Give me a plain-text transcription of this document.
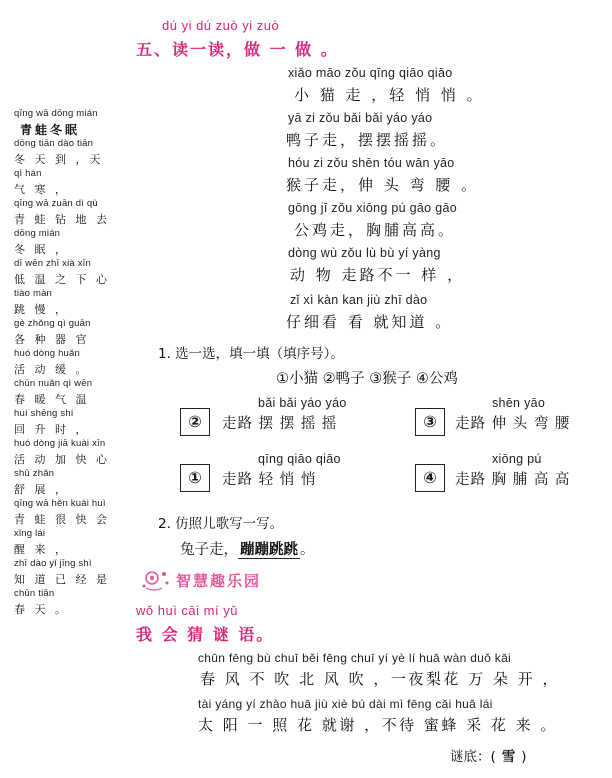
dú yi dú zuò yi zuò
五、读一读，做 一 做 。
xiǎo māo zǒu qīng qiāo qiāo
小 猫 走 ，轻 悄 悄 。
yā zi zǒu bǎi bǎi yáo yáo
鸭子走，摆摆摇摇。
hóu zi zǒu shēn tóu wān yāo
猴子走，伸 头 弯 腰 。
gōng jī zǒu xiōng pú gāo gāo
公鸡走，胸脯高高。
dòng wù zǒu lù bù yí yàng
动 物 走路不一 样 ，
zǐ xì kàn kan jiù zhī dào
仔细看 看 就知道 。
qīng wā dōng mián
青蛙冬眠
dōng tiān dào tiān
冬 天 到 ，天
qì hán
气 寒 ，
qīng wā zuān dì qù
青 蛙 钻 地 去
dōng mián
冬 眠 ，
dī wēn zhī xià xīn
低 温 之 下 心
tiào màn
跳 慢 ，
gè zhǒng qì guān
各 种 器 官
huó dòng huǎn
活 动 缓 。
chūn nuǎn qì wēn
春 暖 气 温
huí shēng shí
回 升 时 ，
huó dòng jiā kuài xīn
活 动 加 快 心
shū zhǎn
舒 展 ，
qīng wā hěn kuài huì
青 蛙 很 快 会
xǐng lái
醒 来 ，
zhī dào yǐ jīng shì
知 道 已 经 是
chūn tiān
春 天 。
1. 选一选，填一填（填序号）。
①小猫 ②鸭子 ③猴子 ④公鸡
bǎi bǎi yáo yáo
②	走路 摆 摆 摇 摇
shēn yāo
③	走路 伸 头 弯 腰
qīng qiāo qiāo
①	走路 轻 悄 悄
xiōng pú
④	走路 胸 脯 高 高
2. 仿照儿歌写一写。
兔子走， 蹦蹦跳跳 。
智慧趣乐园
wǒ huì cāi mí yǔ
我 会 猜 谜 语。
chūn fēng bù chuī běi fēng chuī yí yè lí huā wàn duǒ kāi
春 风 不 吹 北 风 吹 ，一夜梨花 万 朵 开 ，
tài yáng yí zhào huā jiù xiè bú dài mì fēng cǎi huā lái
太 阳 一 照 花 就谢 ，不待 蜜蜂 采 花 来 。
谜底：( 雪 )
